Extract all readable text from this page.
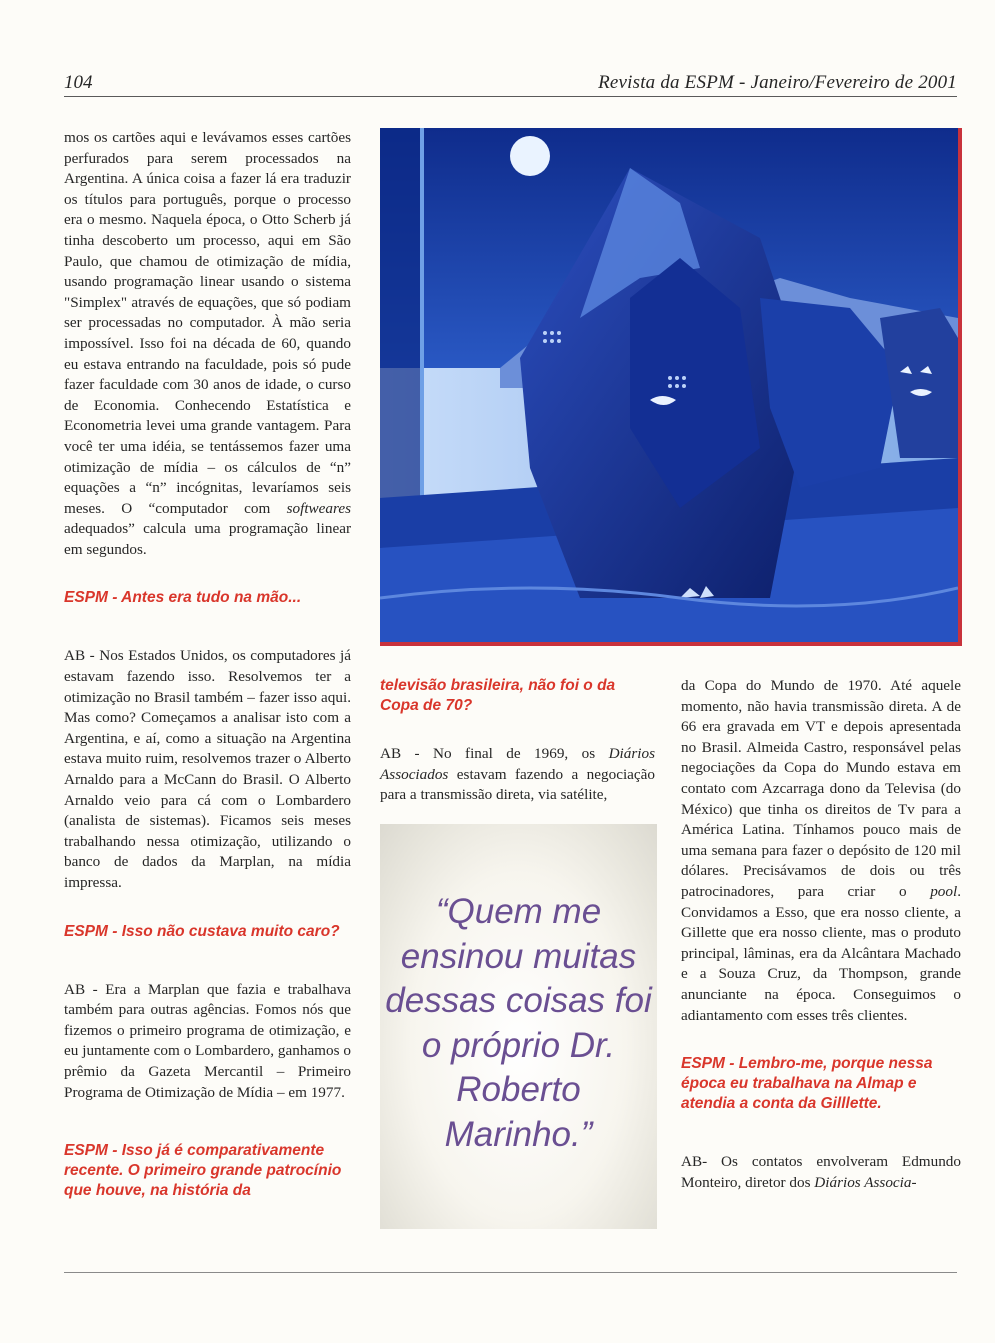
104	Revista da ESPM - Janeiro/Fevereiro de 2001

mos os cartões aqui e levávamos esses cartões perfurados para serem processados na Argentina. A única coisa a fazer lá era traduzir os títulos para português, porque o processo era o mesmo. Naquela época, o Otto Scherb já tinha descoberto um processo, aqui em São Paulo, que chamou de otimização de mídia, usando programação linear usando o sistema "Simplex" através de equações, que só podiam ser processadas no computador. À mão seria impossível. Isso foi na década de 60, quando eu estava entrando na faculdade, pois só pude fazer faculdade com 30 anos de idade, o curso de Economia. Conhecendo Estatística e Econometria levei uma grande vantagem. Para você ter uma idéia, se tentássemos fazer uma otimização de mídia – os cálculos de “n” equações a “n” incógnitas, levaríamos seis meses. O “computador com softweares adequados” calcula uma programação linear em segundos.

ESPM - Antes era tudo na mão...

AB - Nos Estados Unidos, os computadores já estavam fazendo isso. Resolvemos ter a otimização no Brasil também – fazer isso aqui. Mas como? Começamos a analisar isto com a Argentina, e aí, como a situação na Argentina estava muito ruim, resolvemos trazer o Alberto Arnaldo para a McCann do Brasil. O Alberto Arnaldo veio para cá com o Lombardero (analista de sistemas). Ficamos seis meses trabalhando nessa otimização, utilizando o banco de dados da Marplan, na mídia impressa.

ESPM - Isso não custava muito caro?

AB - Era a Marplan que fazia e trabalhava também para outras agências. Fomos nós que fizemos o primeiro programa de otimização, e eu juntamente com o Lombardero, ganhamos o prêmio da Gazeta Mercantil – Primeiro Programa de Otimização de Mídia – em 1977.

ESPM - Isso já é comparativamente recente. O primeiro grande patrocínio que houve, na história da

televisão brasileira, não foi o da Copa de 70?

AB - No final de 1969, os Diários Associados estavam fazendo a negociação para a transmissão direta, via satélite,

“Quem me ensinou muitas dessas coisas foi o próprio Dr. Roberto Marinho.”

da Copa do Mundo de 1970. Até aquele momento, não havia transmissão direta. A de 66 era gravada em VT e depois apresentada no Brasil. Almeida Castro, responsável pelas negociações da Copa do Mundo estava em contato com Azcarraga dono da Televisa (do México) que tinha os direitos de Tv para a América Latina. Tínhamos pouco mais de uma semana para fazer o depósito de 120 mil dólares. Precisávamos de dois ou três patrocinadores, para criar o pool. Convidamos a Esso, que era nosso cliente, a Gillette que era nosso cliente, mas o produto principal, lâminas, era da Alcântara Machado e a Souza Cruz, da Thompson, grande anunciante na época. Conseguimos o adiantamento com esses três clientes.

ESPM - Lembro-me, porque nessa época eu trabalhava na Almap e atendia a conta da Gilllette.

AB- Os contatos envolveram Edmundo Monteiro, diretor dos Diários Associa-
